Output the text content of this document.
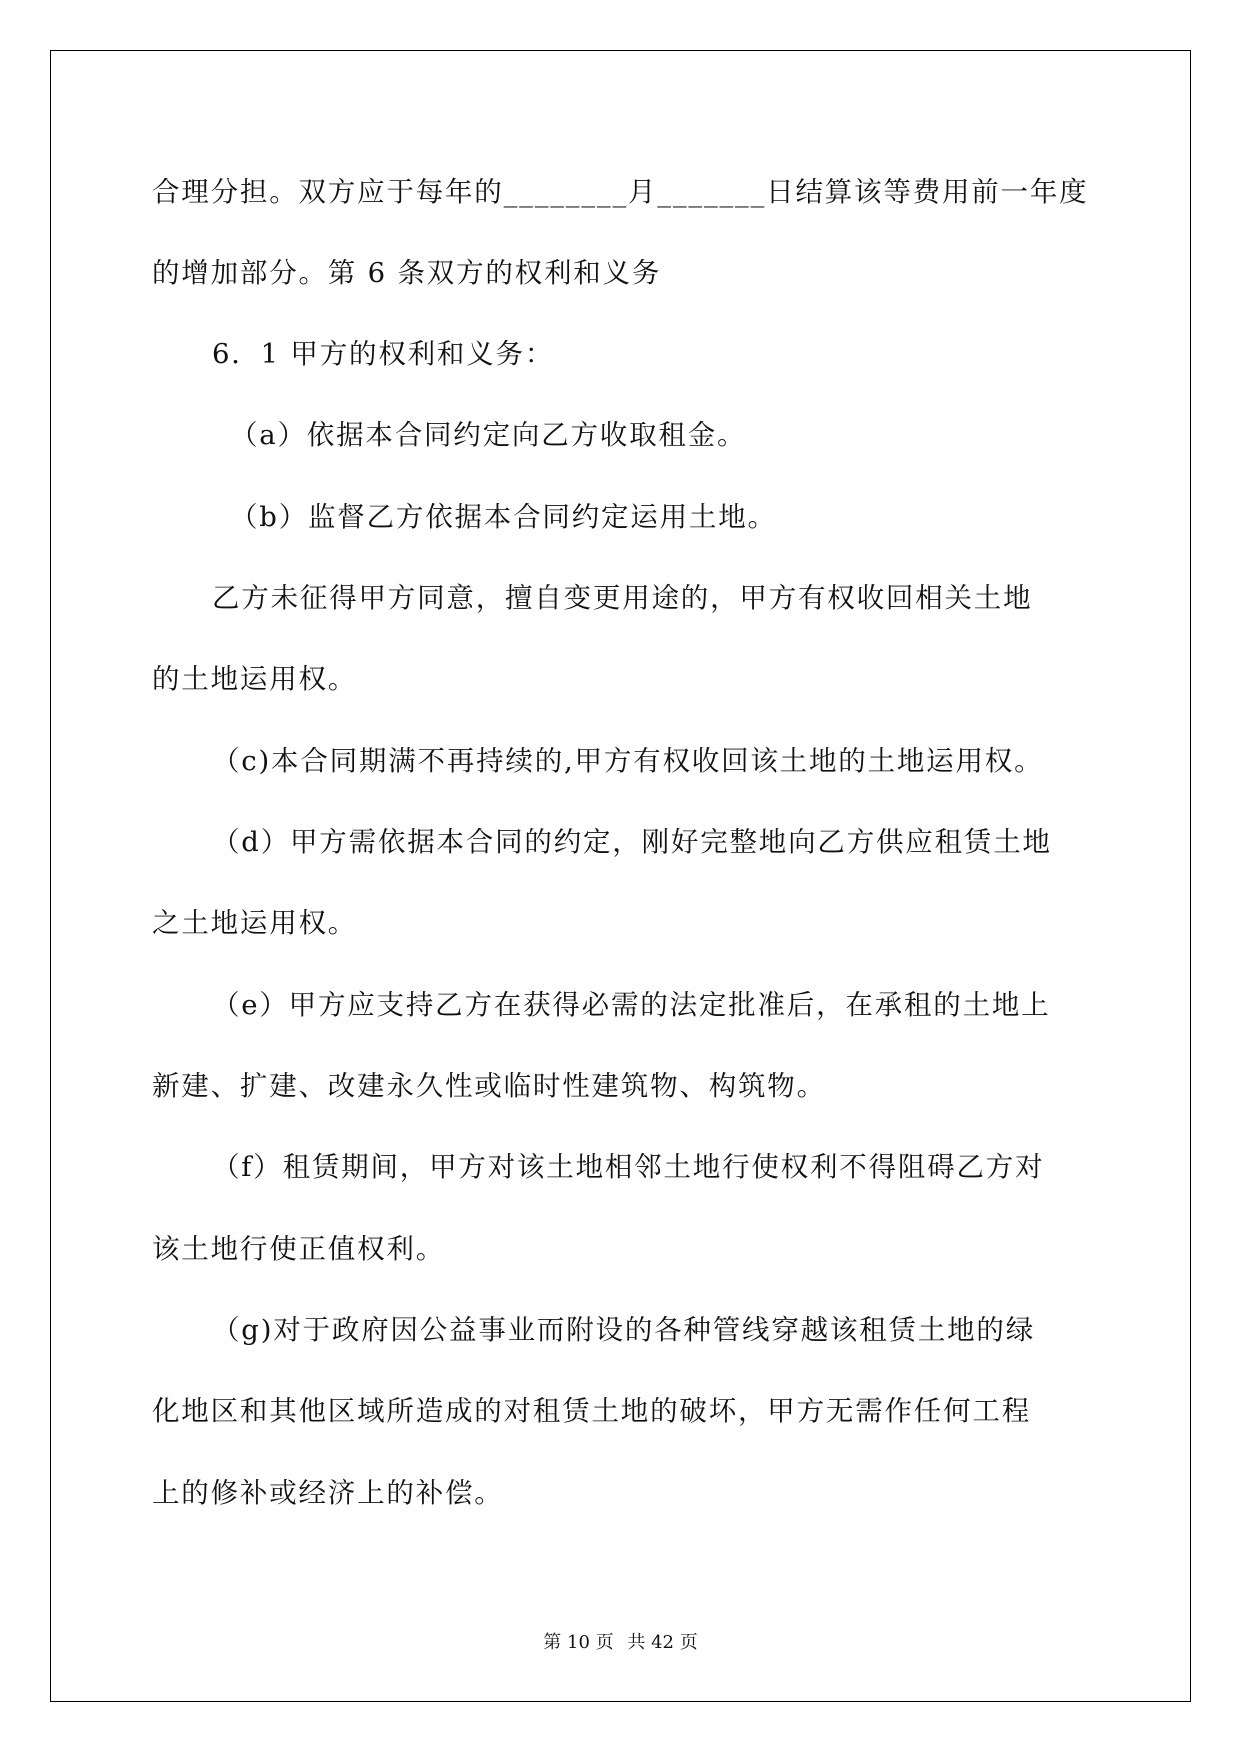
合理分担。双方应于每年的________月_______日结算该等费用前一年度
的增加部分。第 6 条双方的权利和义务
6．1 甲方的权利和义务：
（a）依据本合同约定向乙方收取租金。
（b）监督乙方依据本合同约定运用土地。
乙方未征得甲方同意，擅自变更用途的，甲方有权收回相关土地
的土地运用权。
（c)本合同期满不再持续的,甲方有权收回该土地的土地运用权。
（d）甲方需依据本合同的约定，刚好完整地向乙方供应租赁土地
之土地运用权。
（e）甲方应支持乙方在获得必需的法定批准后，在承租的土地上
新建、扩建、改建永久性或临时性建筑物、构筑物。
（f）租赁期间，甲方对该土地相邻土地行使权利不得阻碍乙方对
该土地行使正值权利。
（g)对于政府因公益事业而附设的各种管线穿越该租赁土地的绿
化地区和其他区域所造成的对租赁土地的破坏，甲方无需作任何工程
上的修补或经济上的补偿。
第 10 页 共 42 页
